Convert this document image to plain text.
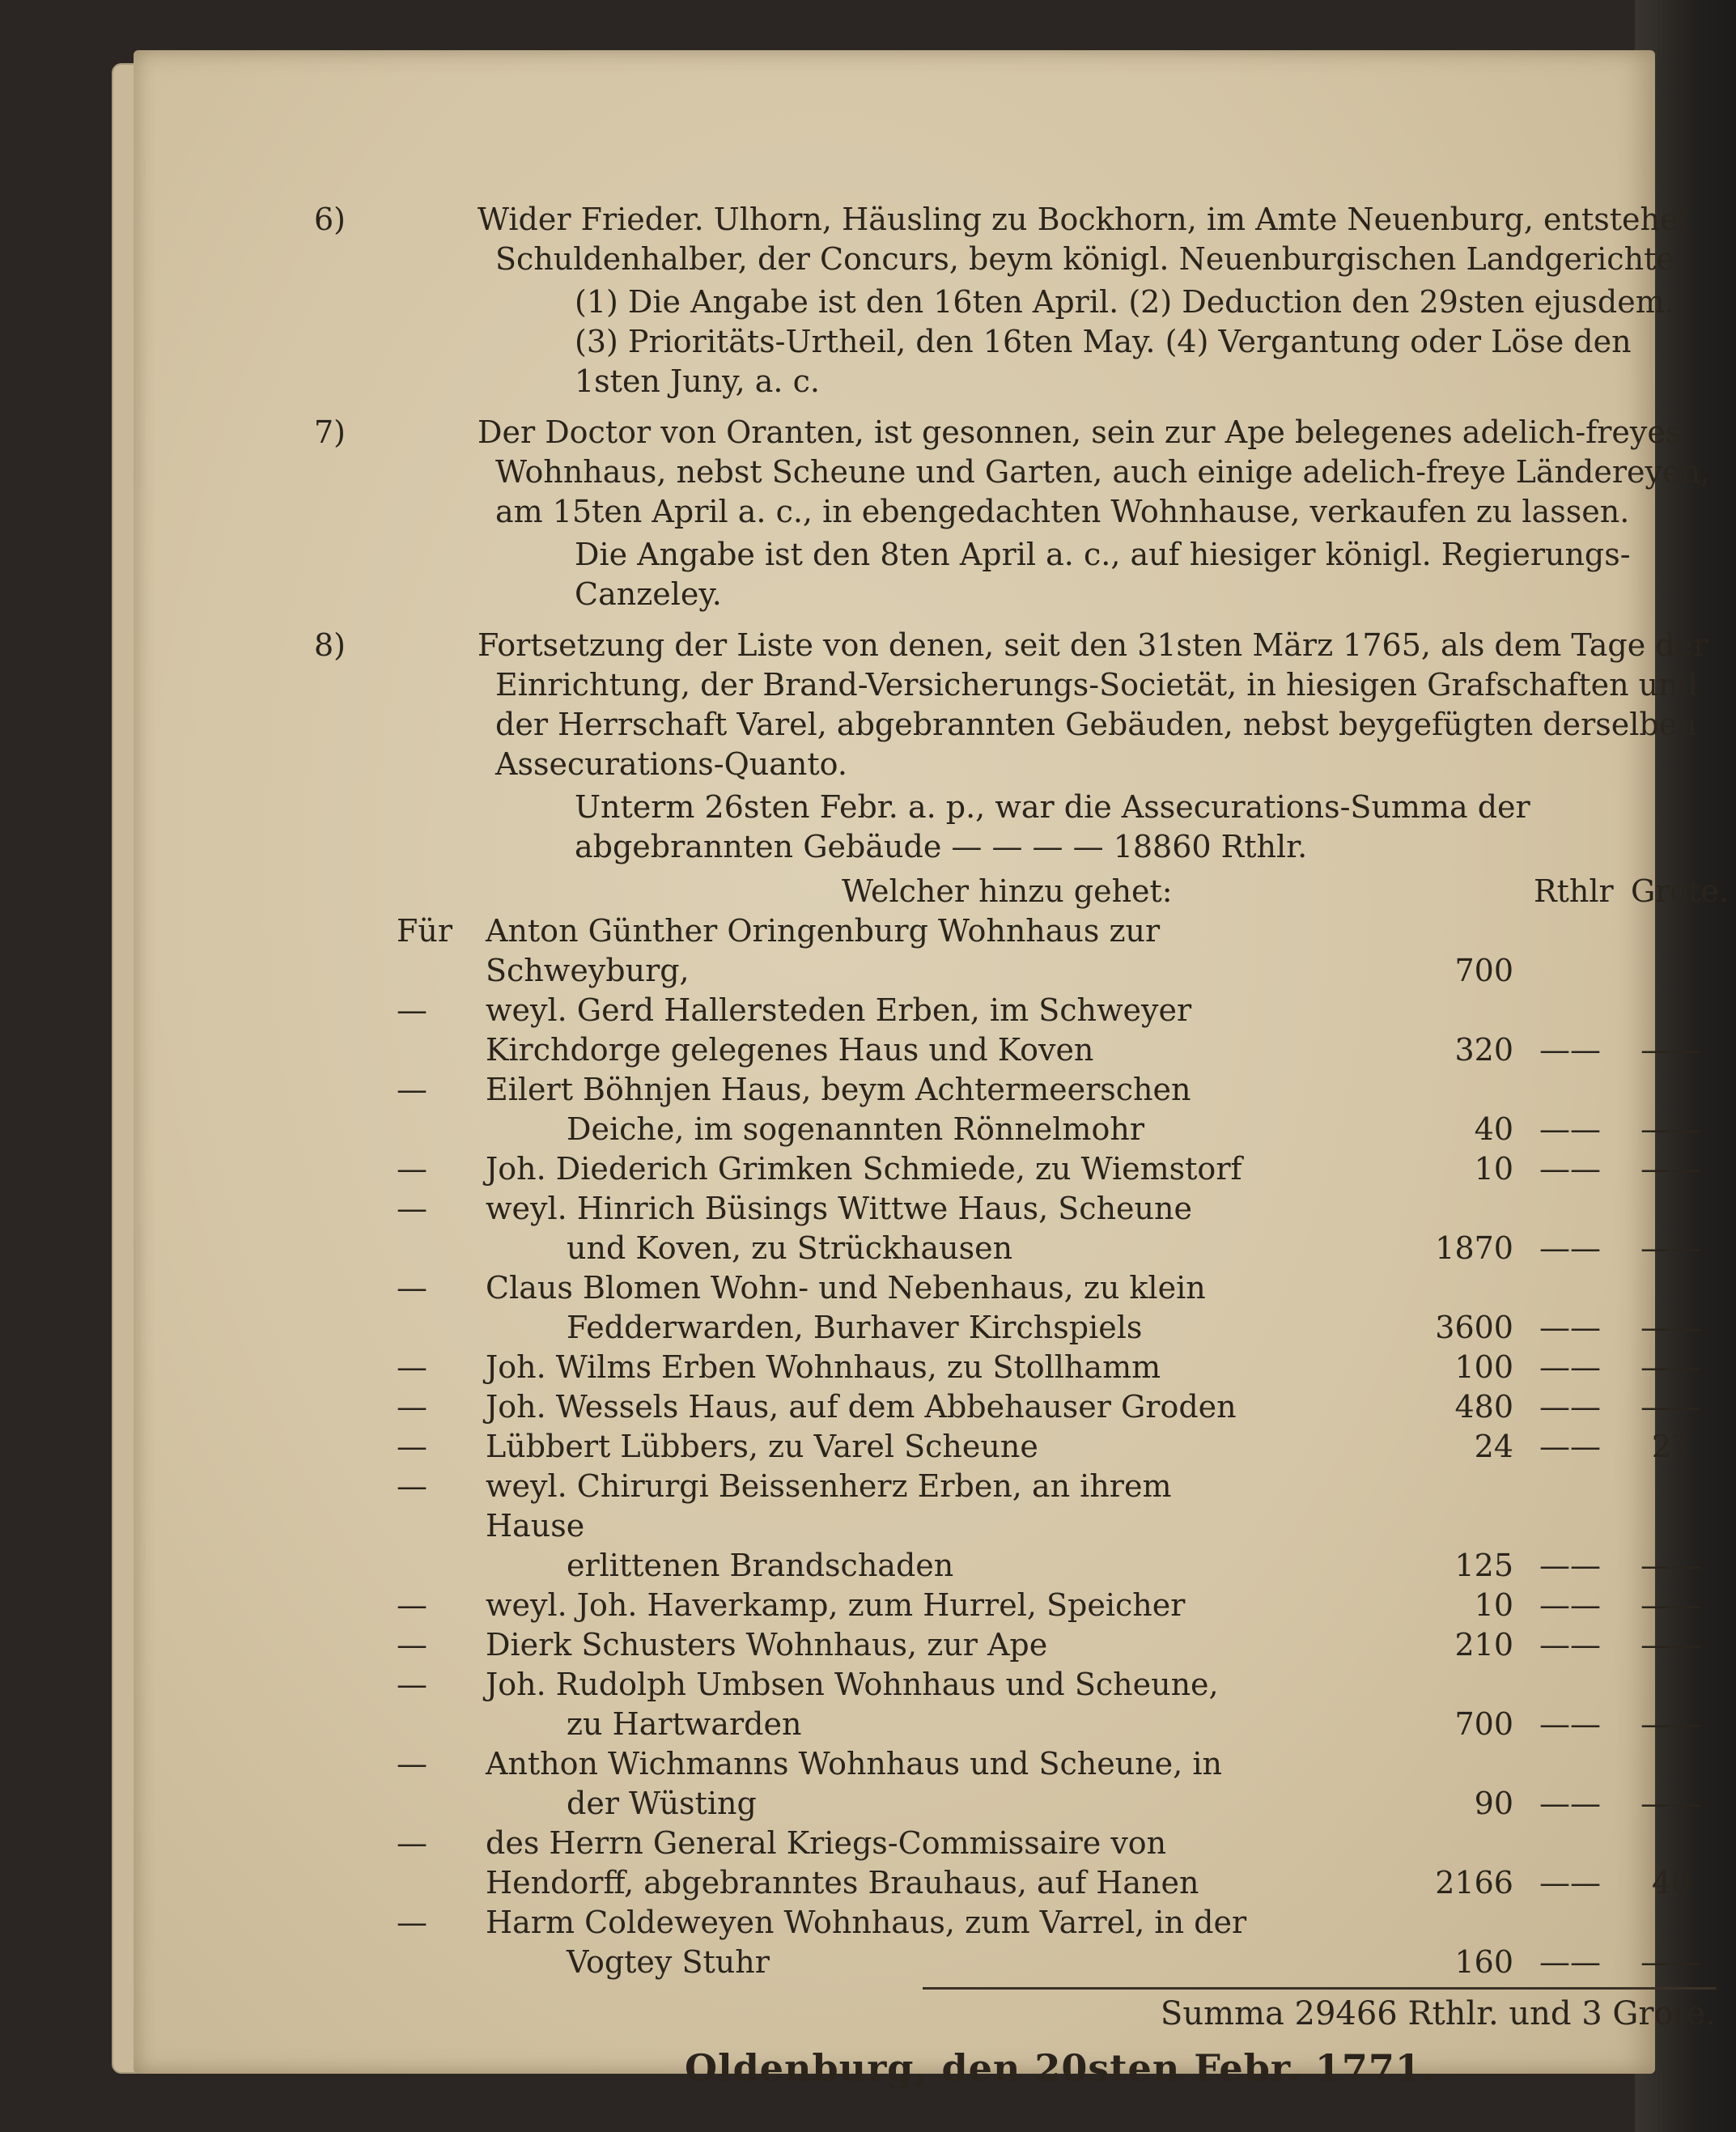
6)	Wider Frieder. Ulhorn, Häusling zu Bockhorn, im Amte Neuenburg, entstehet Schuldenhalber, der Concurs, beym königl. Neuenburgischen Landgerichte.

(1) Die Angabe ist den 16ten April. (2) Deduction den 29sten ejusdem. (3) Prioritäts-Urtheil, den 16ten May. (4) Vergantung oder Löse den 1sten Juny, a. c.

7)	Der Doctor von Oranten, ist gesonnen, sein zur Ape belegenes adelich-freyes Wohnhaus, nebst Scheune und Garten, auch einige adelich-freye Ländereyen, am 15ten April a. c., in ebengedachten Wohnhause, verkaufen zu lassen.

Die Angabe ist den 8ten April a. c., auf hiesiger königl. Regierungs-Canzeley.

8)	Fortsetzung der Liste von denen, seit den 31sten März 1765, als dem Tage der Einrichtung, der Brand-Versicherungs-Societät, in hiesigen Grafschaften und der Herrschaft Varel, abgebrannten Gebäuden, nebst beygefügten derselben Assecurations-Quanto.

Unterm 26sten Febr. a. p., war die Assecurations-Summa der abgebrannten Gebäude — — — — 18860 Rthlr.

Welcher hinzu gehet:	Rthlr Grote.
Für	Anton Günther Oringenburg Wohnhaus zur Schweyburg,	700
—	weyl. Gerd Hallersteden Erben, im Schweyer Kirchdorge gelegenes Haus und Koven	320 ——	——
—	Eilert Böhnjen Haus, beym Achtermeerschen
Deiche, im sogenannten Rönnelmohr	40 ——	——
—	Joh. Diederich Grimken Schmiede, zu Wiemstorf	10 ——	——
—	weyl. Hinrich Büsings Wittwe Haus, Scheune
und Koven, zu Strückhausen	1870 ——	——
—	Claus Blomen Wohn- und Nebenhaus, zu klein
Fedderwarden, Burhaver Kirchspiels	3600 ——	——
—	Joh. Wilms Erben Wohnhaus, zu Stollhamm	100 ——	——
—	Joh. Wessels Haus, auf dem Abbehauser Groden	480 ——	——
—	Lübbert Lübbers, zu Varel Scheune	24 ——	27
—	weyl. Chirurgi Beissenherz Erben, an ihrem Hause
erlittenen Brandschaden	125 ——	——
—	weyl. Joh. Haverkamp, zum Hurrel, Speicher	10 ——	——
—	Dierk Schusters Wohnhaus, zur Ape	210 ——	——
—	Joh. Rudolph Umbsen Wohnhaus und Scheune,
zu Hartwarden	700 ——	——
—	Anthon Wichmanns Wohnhaus und Scheune, in
der Wüsting	90 ——	——
—	des Herrn General Kriegs-Commissaire von Hendorff, abgebranntes Brauhaus, auf Hanen	2166 ——	40
—	Harm Coldeweyen Wohnhaus, zum Varrel, in der
Vogtey Stuhr	160 ——	——

Summa 29466 Rthlr. und 3 Grote.

Oldenburg, den 20sten Febr. 1771.
